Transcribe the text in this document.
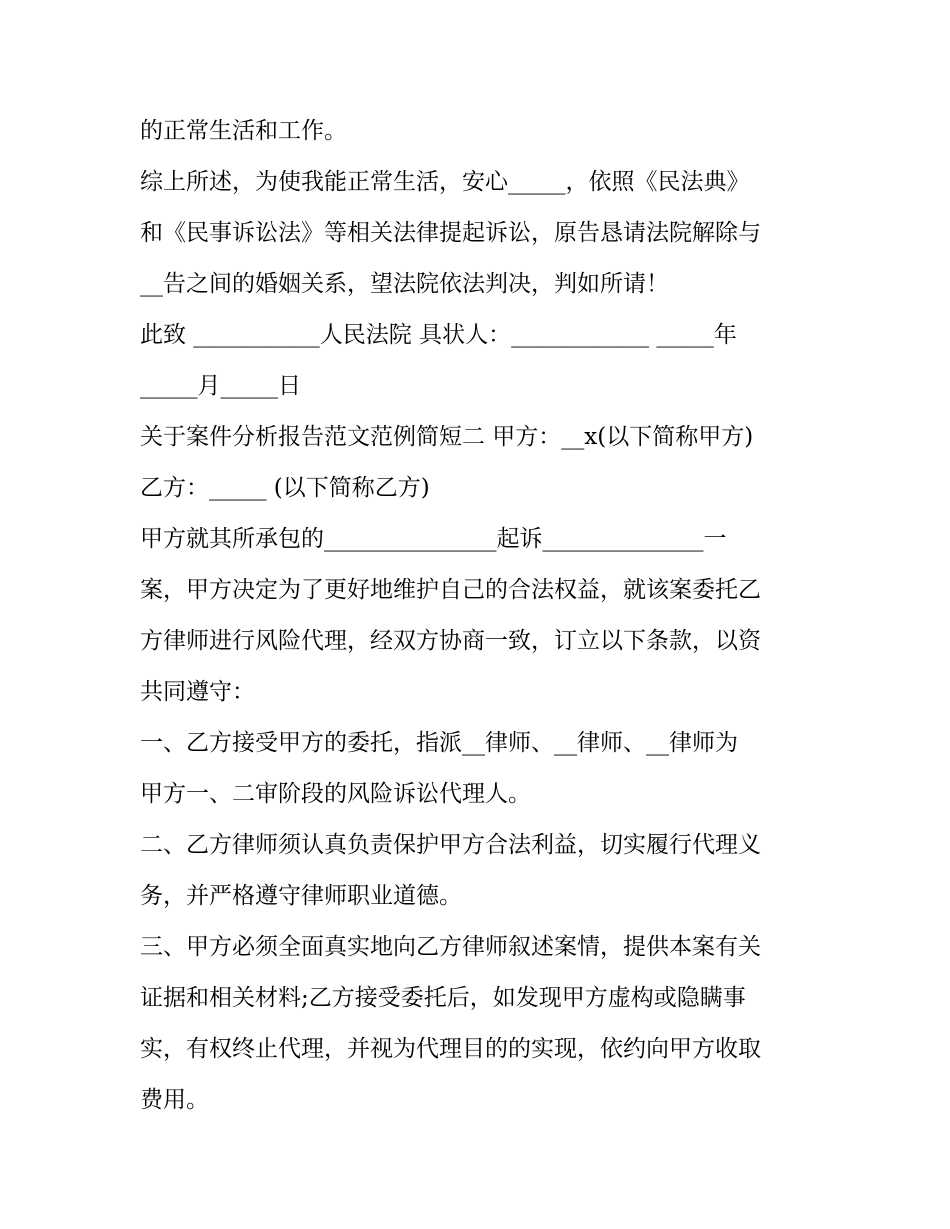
的正常生活和工作。

综上所述，为使我能正常生活，安心_____，依照《民法典》

和《民事诉讼法》等相关法律提起诉讼，原告恳请法院解除与

__告之间的婚姻关系，望法院依法判决，判如所请！

此致 ___________人民法院 具状人：____________ _____年

_____月_____日

关于案件分析报告范文范例简短二 甲方：__x(以下简称甲方)

乙方：_____ (以下简称乙方)

甲方就其所承包的_______________起诉______________一

案，甲方决定为了更好地维护自己的合法权益，就该案委托乙

方律师进行风险代理，经双方协商一致，订立以下条款，以资

共同遵守：

一、乙方接受甲方的委托，指派__律师、__律师、__律师为

甲方一、二审阶段的风险诉讼代理人。

二、乙方律师须认真负责保护甲方合法利益，切实履行代理义

务，并严格遵守律师职业道德。

三、甲方必须全面真实地向乙方律师叙述案情，提供本案有关

证据和相关材料;乙方接受委托后，如发现甲方虚构或隐瞒事

实，有权终止代理，并视为代理目的的实现，依约向甲方收取

费用。
